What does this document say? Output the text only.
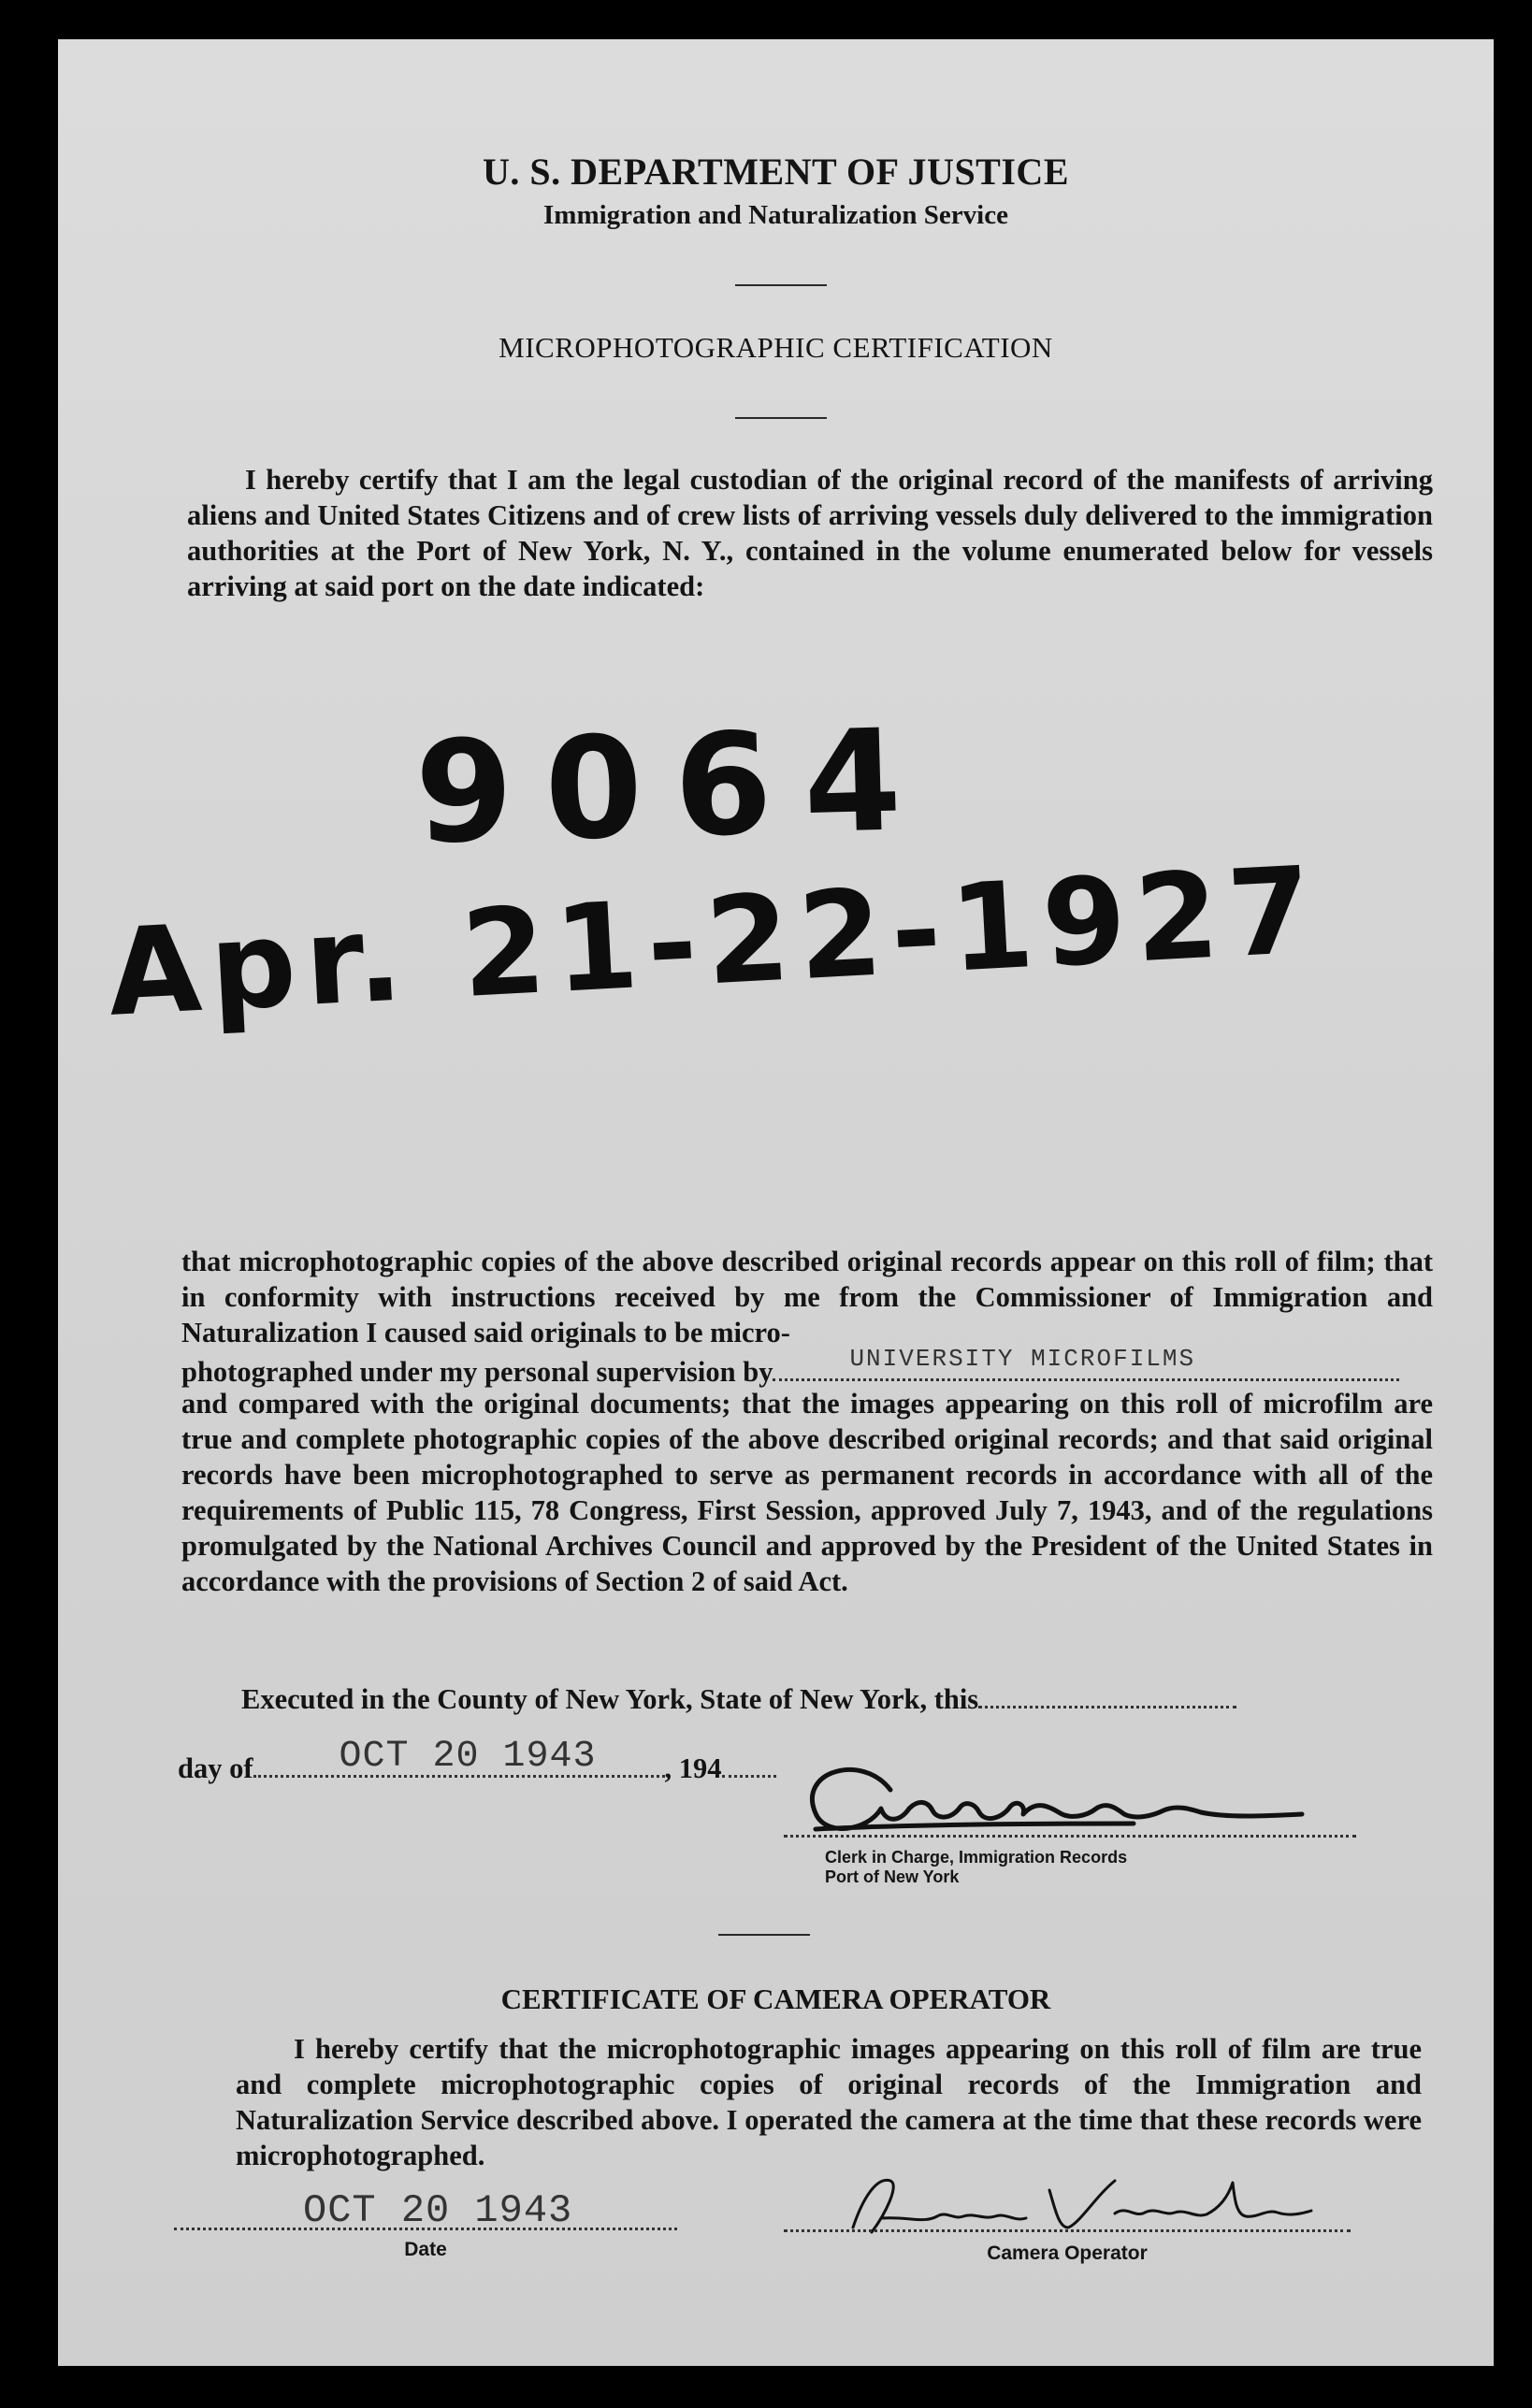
U. S. DEPARTMENT OF JUSTICE
Immigration and Naturalization Service
MICROPHOTOGRAPHIC CERTIFICATION
I hereby certify that I am the legal custodian of the original record of the manifests of arriving aliens and United States Citizens and of crew lists of arriving vessels duly delivered to the immigration authorities at the Port of New York, N. Y., contained in the volume enumerated below for vessels arriving at said port on the date indicated:
9064
Apr. 21-22-1927
that microphotographic copies of the above described original records appear on this roll of film; that in conformity with instructions received by me from the Commissioner of Immigration and Naturalization I caused said originals to be micro-
photographed under my personal supervision by	UNIVERSITY MICROFILMS
and compared with the original documents; that the images appearing on this roll of microfilm are true and complete photographic copies of the above described original records; and that said original records have been microphotographed to serve as permanent records in accordance with all of the requirements of Public 115, 78 Congress, First Session, approved July 7, 1943, and of the regulations promulgated by the National Archives Council and approved by the President of the United States in accordance with the provisions of Section 2 of said Act.
Executed in the County of New York, State of New York, this
day of OCT 20 1943 , 194
Clerk in Charge, Immigration Records
Port of New York
CERTIFICATE OF CAMERA OPERATOR
I hereby certify that the microphotographic images appearing on this roll of film are true and complete microphotographic copies of original records of the Immigration and Naturalization Service described above. I operated the camera at the time that these records were microphotographed.
OCT 20 1943
Date	Camera Operator
